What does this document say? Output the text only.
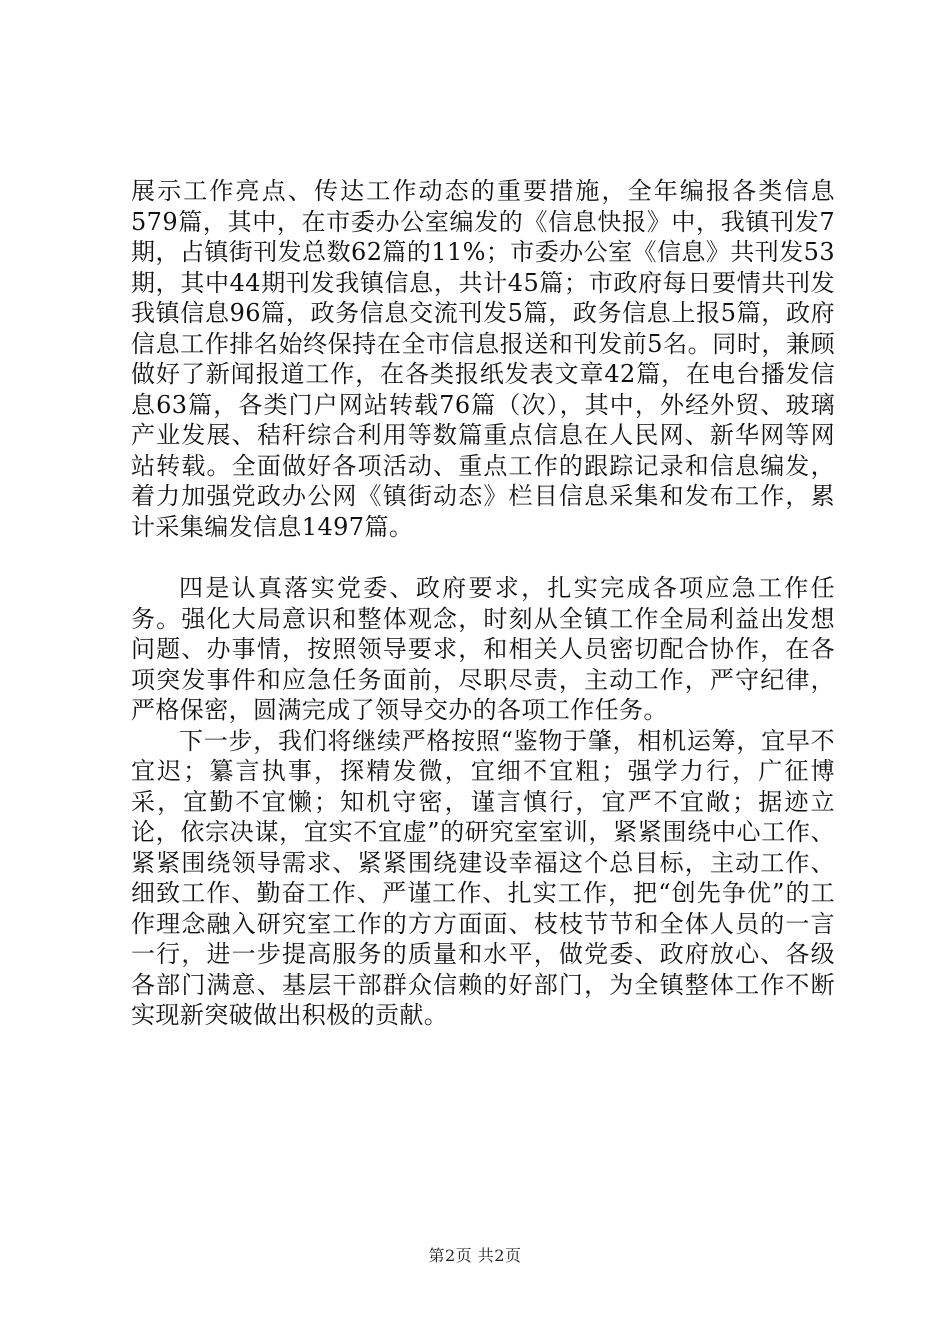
展示工作亮点、传达工作动态的重要措施，全年编报各类信息579篇，其中，在市委办公室编发的《信息快报》中，我镇刊发7期，占镇街刊发总数62篇的11%；市委办公室《信息》共刊发53期，其中44期刊发我镇信息，共计45篇；市政府每日要情共刊发我镇信息96篇，政务信息交流刊发5篇，政务信息上报5篇，政府信息工作排名始终保持在全市信息报送和刊发前5名。同时，兼顾做好了新闻报道工作，在各类报纸发表文章42篇，在电台播发信息63篇，各类门户网站转载76篇（次），其中，外经外贸、玻璃产业发展、秸秆综合利用等数篇重点信息在人民网、新华网等网站转载。全面做好各项活动、重点工作的跟踪记录和信息编发，着力加强党政办公网《镇街动态》栏目信息采集和发布工作，累计采集编发信息1497篇。

四是认真落实党委、政府要求，扎实完成各项应急工作任务。强化大局意识和整体观念，时刻从全镇工作全局利益出发想问题、办事情，按照领导要求，和相关人员密切配合协作，在各项突发事件和应急任务面前，尽职尽责，主动工作，严守纪律，严格保密，圆满完成了领导交办的各项工作任务。

下一步，我们将继续严格按照“鉴物于肇，相机运筹，宜早不宜迟；纂言执事，探精发微，宜细不宜粗；强学力行，广征博采，宜勤不宜懒；知机守密，谨言慎行，宜严不宜敞；据迹立论，依宗决谋，宜实不宜虚”的研究室室训，紧紧围绕中心工作、紧紧围绕领导需求、紧紧围绕建设幸福这个总目标，主动工作、细致工作、勤奋工作、严谨工作、扎实工作，把“创先争优”的工作理念融入研究室工作的方方面面、枝枝节节和全体人员的一言一行，进一步提高服务的质量和水平，做党委、政府放心、各级各部门满意、基层干部群众信赖的好部门，为全镇整体工作不断实现新突破做出积极的贡献。

第2页 共2页
